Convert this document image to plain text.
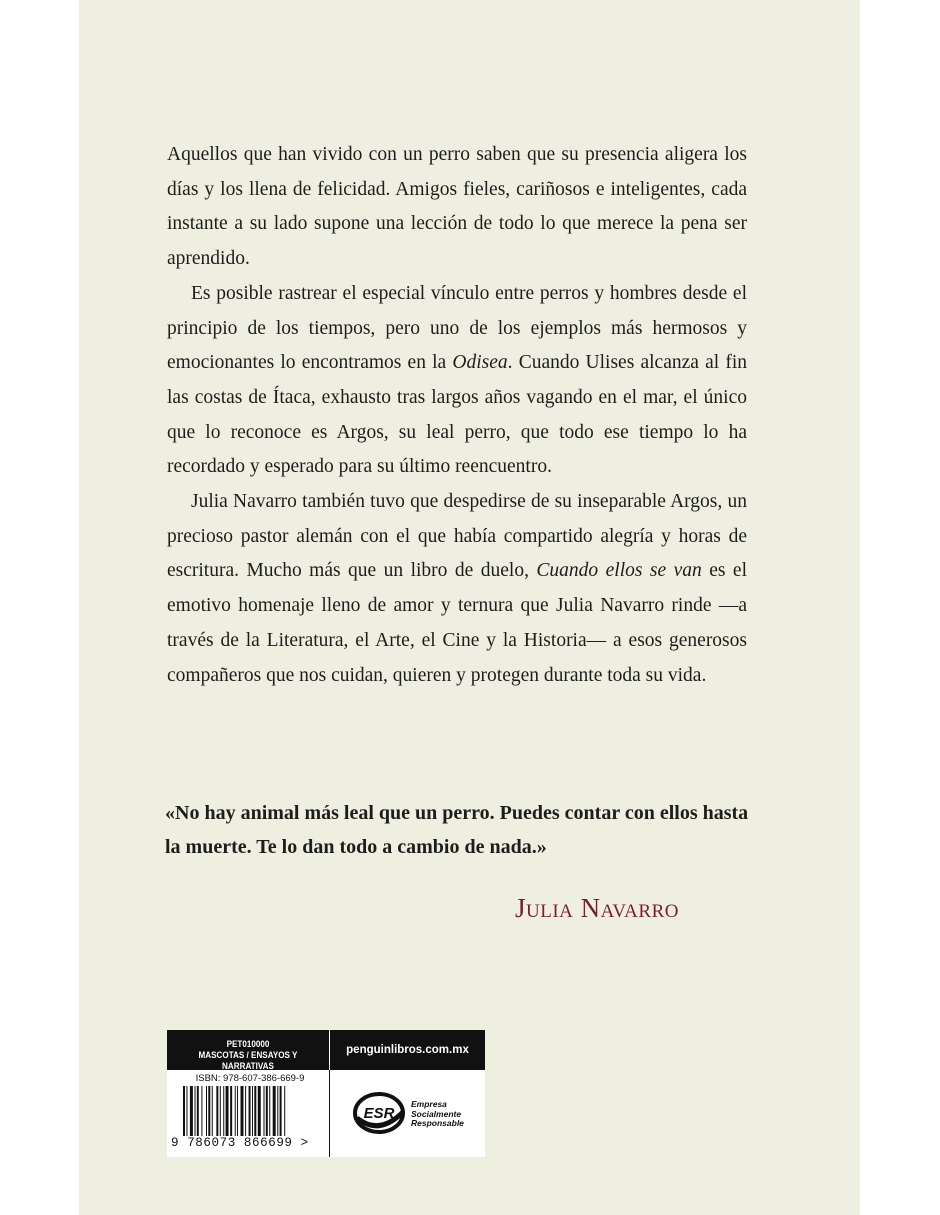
Aquellos que han vivido con un perro saben que su presencia aligera los días y los llena de felicidad. Amigos fieles, cariñosos e inteligentes, cada instante a su lado supone una lección de todo lo que merece la pena ser aprendido.

Es posible rastrear el especial vínculo entre perros y hombres desde el principio de los tiempos, pero uno de los ejemplos más hermosos y emocionantes lo encontramos en la Odisea. Cuando Ulises alcanza al fin las costas de Ítaca, exhausto tras largos años vagando en el mar, el único que lo reconoce es Argos, su leal perro, que todo ese tiempo lo ha recordado y esperado para su último reencuentro.

Julia Navarro también tuvo que despedirse de su inseparable Argos, un precioso pastor alemán con el que había compartido alegría y horas de escritura. Mucho más que un libro de duelo, Cuando ellos se van es el emotivo homenaje lleno de amor y ternura que Julia Navarro rinde —a través de la Literatura, el Arte, el Cine y la Historia— a esos generosos compañeros que nos cuidan, quieren y protegen durante toda su vida.

«No hay animal más leal que un perro. Puedes contar con ellos hasta la muerte. Te lo dan todo a cambio de nada.»

Julia Navarro

PET010000
MASCOTAS / ENSAYOS Y NARRATIVAS
penguinlibros.com.mx
ISBN: 978-607-386-669-9
9 786073 866699 >
ESR
Empresa
Socialmente
Responsable
